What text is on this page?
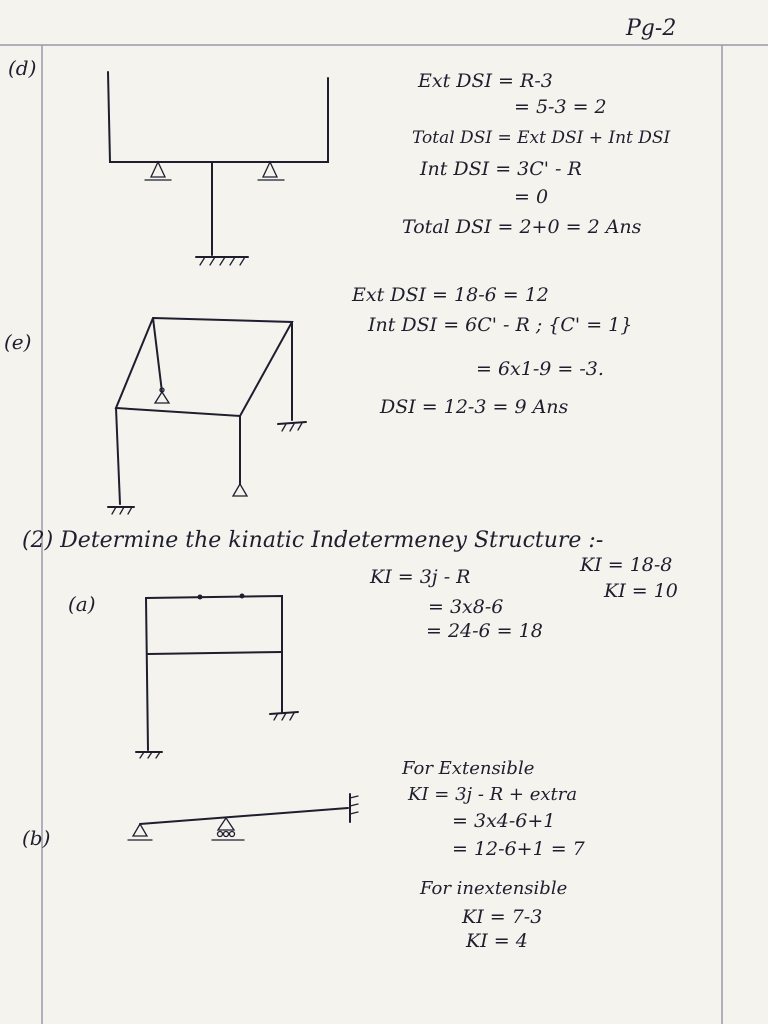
Pg-2
(d)
Ext DSI = R-3
= 5-3 = 2
Total DSI = Ext DSI + Int DSI
Int DSI = 3C' - R
= 0
Total DSI = 2+0 = 2 Ans
(e)
Ext DSI = 18-6 = 12
Int DSI = 6C' - R ; {C' = 1}
= 6x1-9 = -3.
DSI = 12-3 = 9 Ans
(2) Determine the kinatic Indetermeney Structure :-
(a)
KI = 3j - R
= 3x8-6
= 24-6 = 18
KI = 18-8
KI = 10
(b)
For Extensible
KI = 3j - R + extra
= 3x4-6+1
= 12-6+1 = 7
For inextensible
KI = 7-3
KI = 4
